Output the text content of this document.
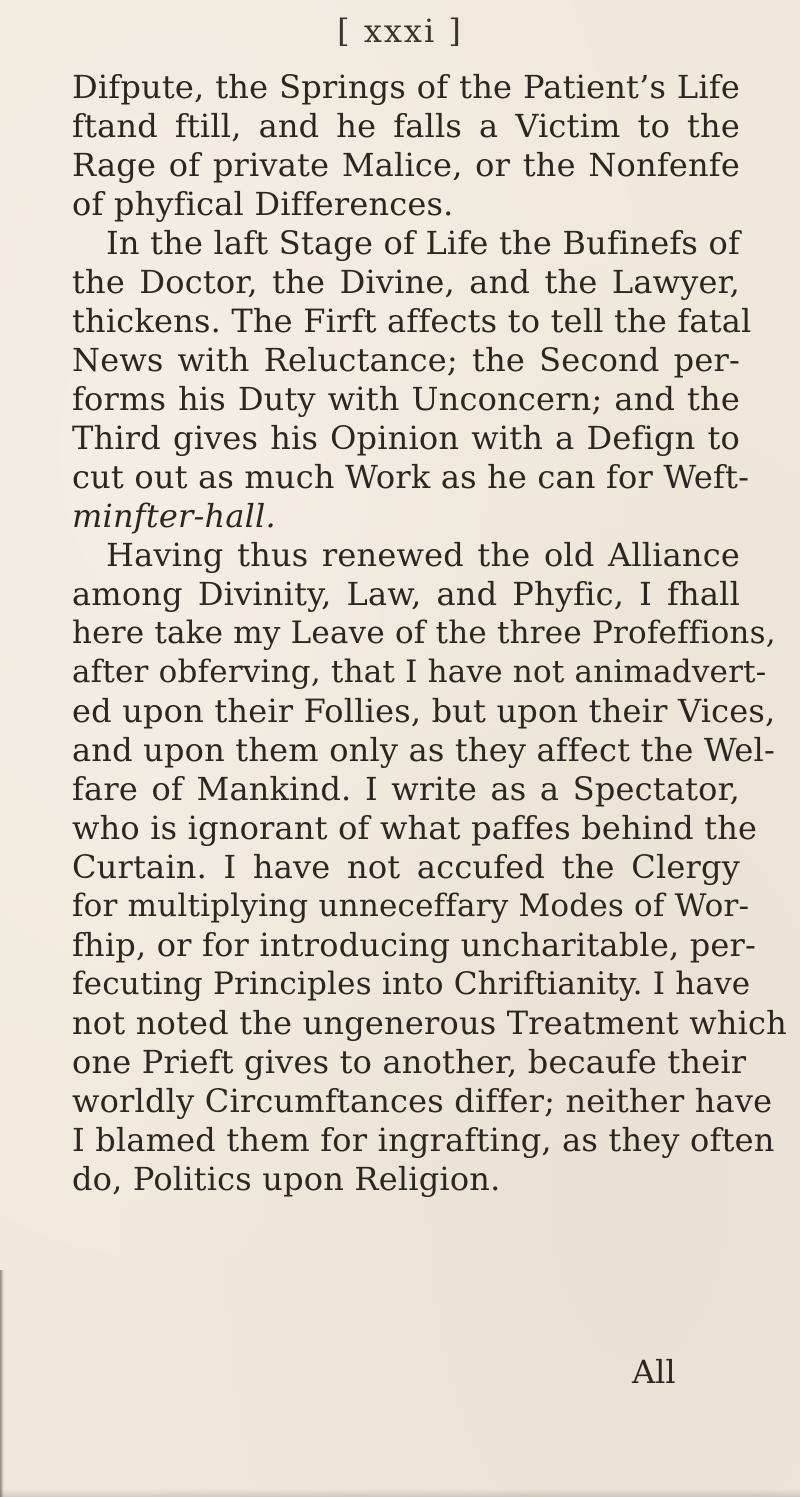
[ xxxi ]
Difpute, the Springs of the Patient’s Life
ftand ftill, and he falls a Victim to the
Rage of private Malice, or the Nonfenfe
of phyfical Differences.
In the laft Stage of Life the Bufinefs of
the Doctor, the Divine, and the Lawyer,
thickens. The Firft affects to tell the fatal
News with Reluctance; the Second per-
forms his Duty with Unconcern; and the
Third gives his Opinion with a Defign to
cut out as much Work as he can for Weft-
minfter-hall.
Having thus renewed the old Alliance
among Divinity, Law, and Phyfic, I fhall
here take my Leave of the three Profeffions,
after obferving, that I have not animadvert-
ed upon their Follies, but upon their Vices,
and upon them only as they affect the Wel-
fare of Mankind. I write as a Spectator,
who is ignorant of what paffes behind the
Curtain. I have not accufed the Clergy
for multiplying unneceffary Modes of Wor-
fhip, or for introducing uncharitable, per-
fecuting Principles into Chriftianity. I have
not noted the ungenerous Treatment which
one Prieft gives to another, becaufe their
worldly Circumftances differ; neither have
I blamed them for ingrafting, as they often
do, Politics upon Religion.
All
